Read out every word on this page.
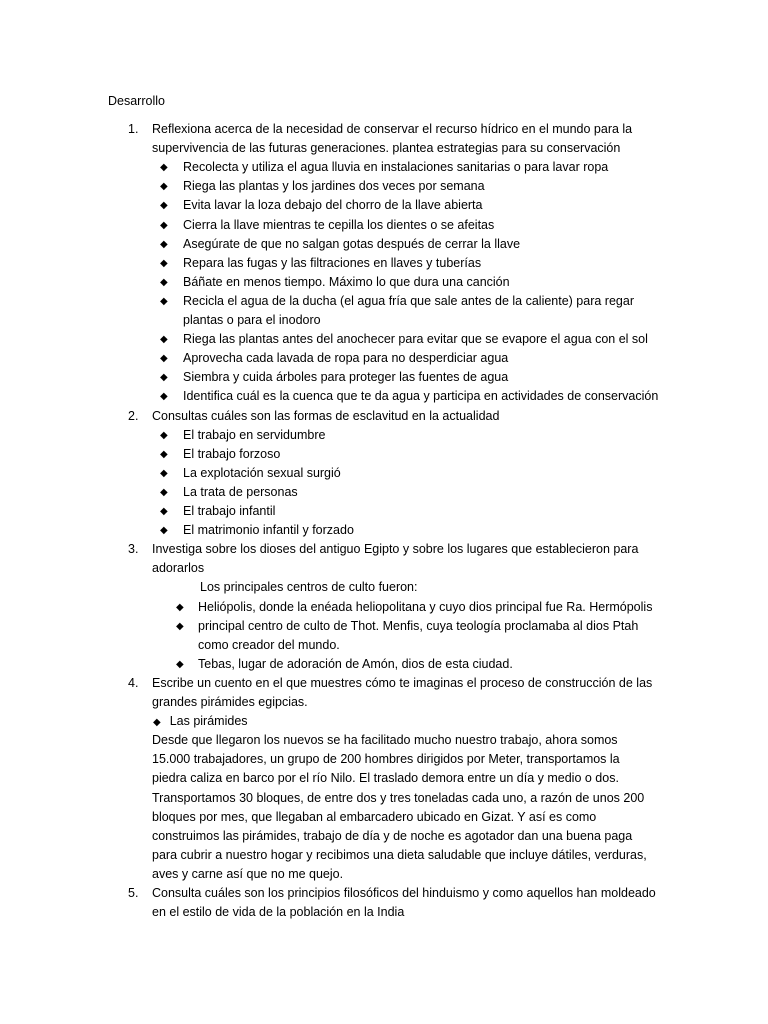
Desarrollo
1. Reflexiona acerca de la necesidad de conservar el recurso hídrico en el mundo para la
supervivencia de las futuras generaciones. plantea estrategias para su conservación
◆ Recolecta y utiliza el agua lluvia en instalaciones sanitarias o para lavar ropa
◆ Riega las plantas y los jardines dos veces por semana
◆ Evita lavar la loza debajo del chorro de la llave abierta
◆ Cierra la llave mientras te cepilla los dientes o se afeitas
◆ Asegúrate de que no salgan gotas después de cerrar la llave
◆ Repara las fugas y las filtraciones en llaves y tuberías
◆ Báñate en menos tiempo. Máximo lo que dura una canción
◆ Recicla el agua de la ducha (el agua fría que sale antes de la caliente) para regar
plantas o para el inodoro
◆ Riega las plantas antes del anochecer para evitar que se evapore el agua con el sol
◆ Aprovecha cada lavada de ropa para no desperdiciar agua
◆ Siembra y cuida árboles para proteger las fuentes de agua
◆ Identifica cuál es la cuenca que te da agua y participa en actividades de conservación
2. Consultas cuáles son las formas de esclavitud en la actualidad
◆ El trabajo en servidumbre
◆ El trabajo forzoso
◆ La explotación sexual surgió
◆ La trata de personas
◆ El trabajo infantil
◆ El matrimonio infantil y forzado
3. Investiga sobre los dioses del antiguo Egipto y sobre los lugares que establecieron para
adorarlos
Los principales centros de culto fueron:
◆ Heliópolis, donde la enéada heliopolitana y cuyo dios principal fue Ra. Hermópolis
◆ principal centro de culto de Thot. Menfis, cuya teología proclamaba al dios Ptah
como creador del mundo.
◆ Tebas, lugar de adoración de Amón, dios de esta ciudad.
4. Escribe un cuento en el que muestres cómo te imaginas el proceso de construcción de las
grandes pirámides egipcias.
◆ Las pirámides
Desde que llegaron los nuevos se ha facilitado mucho nuestro trabajo, ahora somos
15.000 trabajadores, un grupo de 200 hombres dirigidos por Meter, transportamos la
piedra caliza en barco por el río Nilo. El traslado demora entre un día y medio o dos.
Transportamos 30 bloques, de entre dos y tres toneladas cada uno, a razón de unos 200
bloques por mes, que llegaban al embarcadero ubicado en Gizat. Y así es como
construimos las pirámides, trabajo de día y de noche es agotador dan una buena paga
para cubrir a nuestro hogar y recibimos una dieta saludable que incluye dátiles, verduras,
aves y carne así que no me quejo.
5. Consulta cuáles son los principios filosóficos del hinduismo y como aquellos han moldeado
en el estilo de vida de la población en la India
